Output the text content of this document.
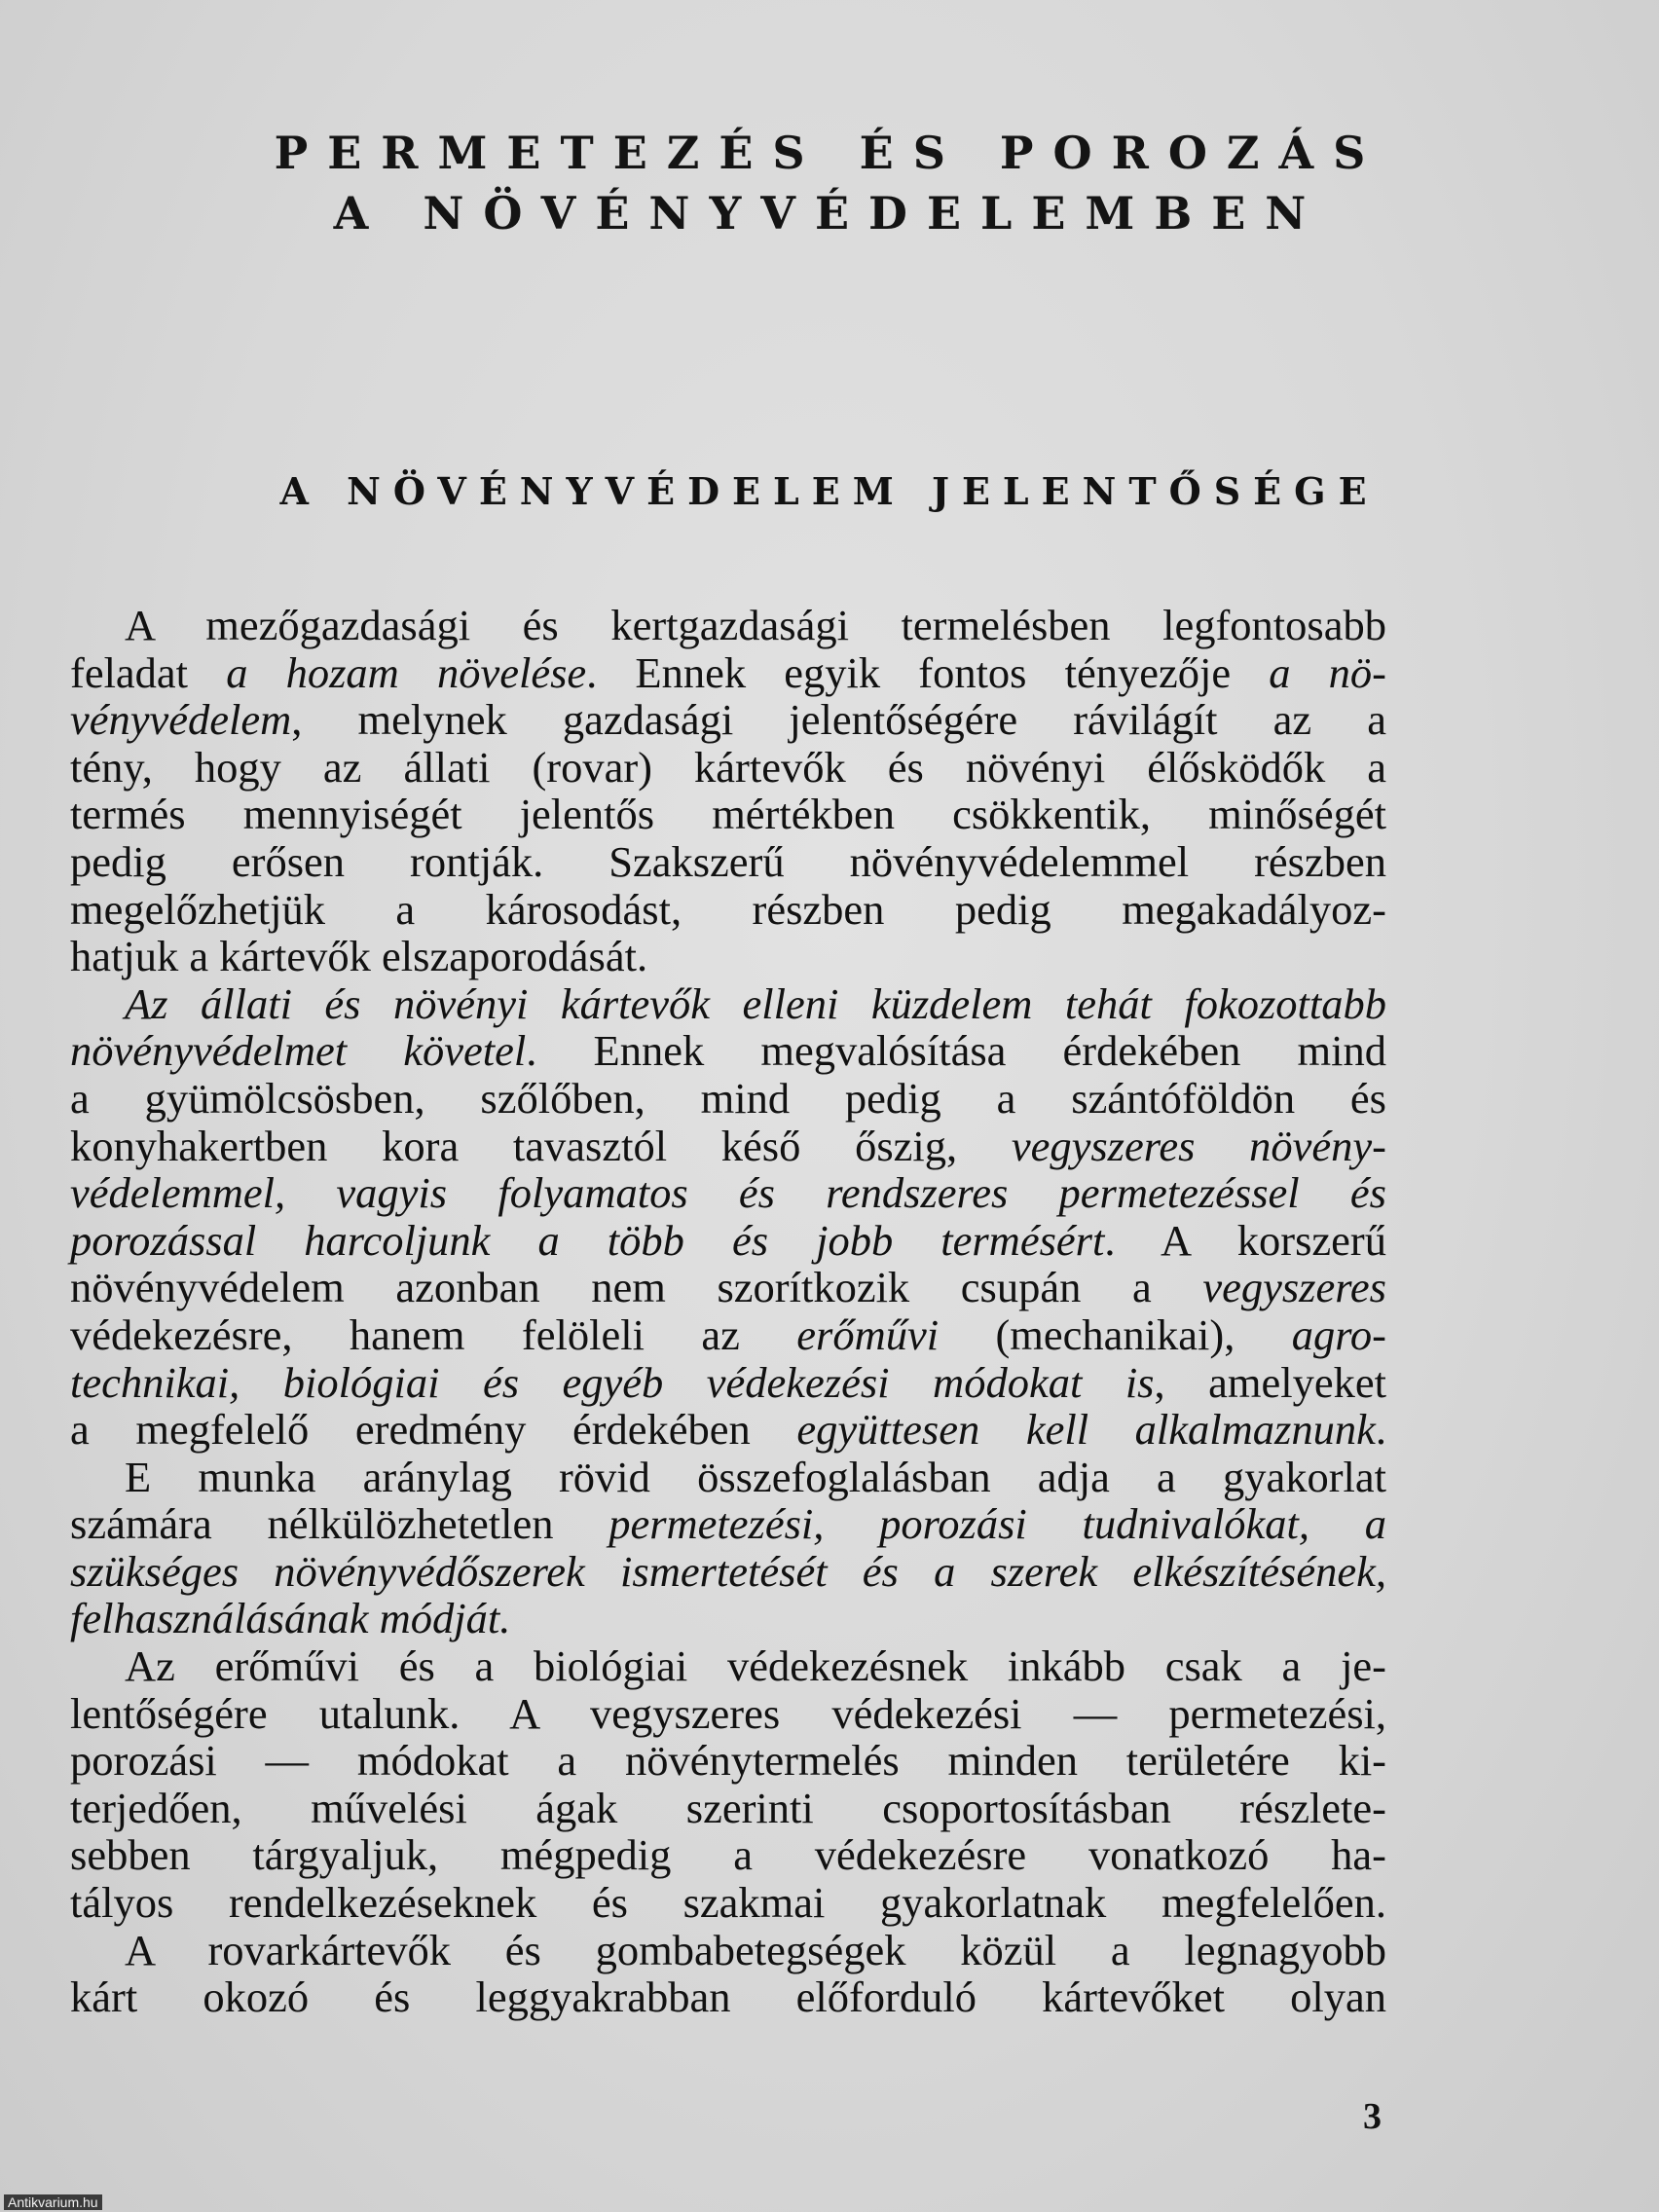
PERMETEZÉS ÉS POROZÁS
A NÖVÉNYVÉDELEMBEN
A NÖVÉNYVÉDELEM JELENTŐSÉGE
A mezőgazdasági és kertgazdasági termelésben legfontosabb
feladat a hozam növelése. Ennek egyik fontos tényezője a nö-
vényvédelem, melynek gazdasági jelentőségére rávilágít az a
tény, hogy az állati (rovar) kártevők és növényi élősködők a
termés mennyiségét jelentős mértékben csökkentik, minőségét
pedig erősen rontják. Szakszerű növényvédelemmel részben
megelőzhetjük a károsodást, részben pedig megakadályoz-
hatjuk a kártevők elszaporodását.
Az állati és növényi kártevők elleni küzdelem tehát fokozottabb
növényvédelmet követel. Ennek megvalósítása érdekében mind
a gyümölcsösben, szőlőben, mind pedig a szántóföldön és
konyhakertben kora tavasztól késő őszig, vegyszeres növény-
védelemmel, vagyis folyamatos és rendszeres permetezéssel és
porozással harcoljunk a több és jobb termésért. A korszerű
növényvédelem azonban nem szorítkozik csupán a vegyszeres
védekezésre, hanem felöleli az erőművi (mechanikai), agro-
technikai, biológiai és egyéb védekezési módokat is, amelyeket
a megfelelő eredmény érdekében együttesen kell alkalmaznunk.
E munka aránylag rövid összefoglalásban adja a gyakorlat
számára nélkülözhetetlen permetezési, porozási tudnivalókat, a
szükséges növényvédőszerek ismertetését és a szerek elkészítésének,
felhasználásának módját.
Az erőművi és a biológiai védekezésnek inkább csak a je-
lentőségére utalunk. A vegyszeres védekezési — permetezési,
porozási — módokat a növénytermelés minden területére ki-
terjedően, művelési ágak szerinti csoportosításban részlete-
sebben tárgyaljuk, mégpedig a védekezésre vonatkozó ha-
tályos rendelkezéseknek és szakmai gyakorlatnak megfelelően.
A rovarkártevők és gombabetegségek közül a legnagyobb
kárt okozó és leggyakrabban előforduló kártevőket olyan
3
Antikvarium.hu
